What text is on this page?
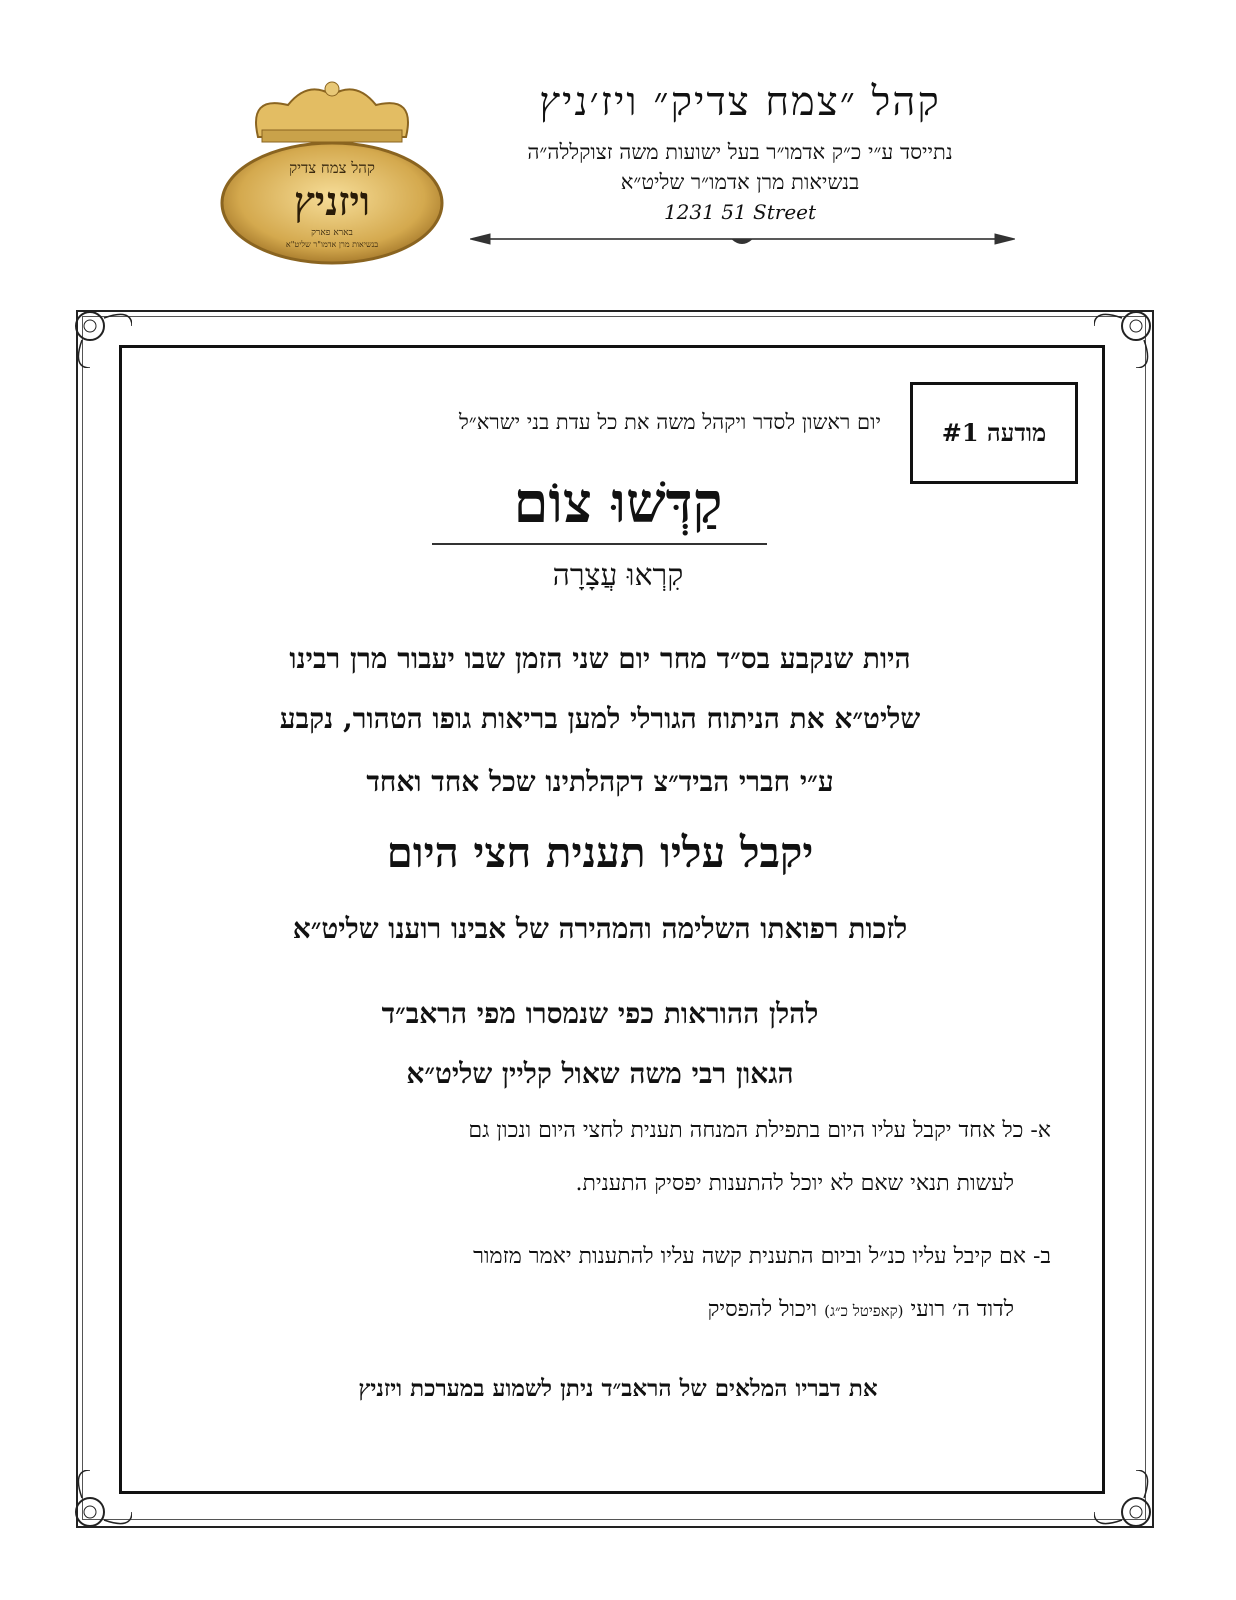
קהל צמח צדיק
ויזניץ
בארא פארק
בנשיאות מרן אדמו"ר שליט"א
קהל ״צמח צדיק״ ויז׳ניץ
נתייסד ע״י כ״ק אדמו״ר בעל ישועות משה זצוקללה״ה
בנשיאות מרן אדמו״ר שליט״א
1231 51 Street
מודעה #1
יום ראשון לסדר ויקהל משה את כל עדת בני ישרא״ל
קַדְּשׁוּ צוֹם
קִרְאוּ עֲצָרָה
היות שנקבע בס״ד מחר יום שני הזמן שבו יעבור מרן רבינו
שליט״א את הניתוח הגורלי למען בריאות גופו הטהור, נקבע
ע״י חברי הביד״צ דקהלתינו שכל אחד ואחד
יקבל עליו תענית חצי היום
לזכות רפואתו השלימה והמהירה של אבינו רוענו שליט״א
להלן ההוראות כפי שנמסרו מפי הראב״ד
הגאון רבי משה שאול קליין שליט״א
א- כל אחד יקבל עליו היום בתפילת המנחה תענית לחצי היום ונכון גם
לעשות תנאי שאם לא יוכל להתענות יפסיק התענית.
ב- אם קיבל עליו כנ״ל וביום התענית קשה עליו להתענות יאמר מזמור
לדוד ה׳ רועי (קאפיטל כ״ג) ויכול להפסיק
את דבריו המלאים של הראב״ד ניתן לשמוע במערכת ויזניץ
